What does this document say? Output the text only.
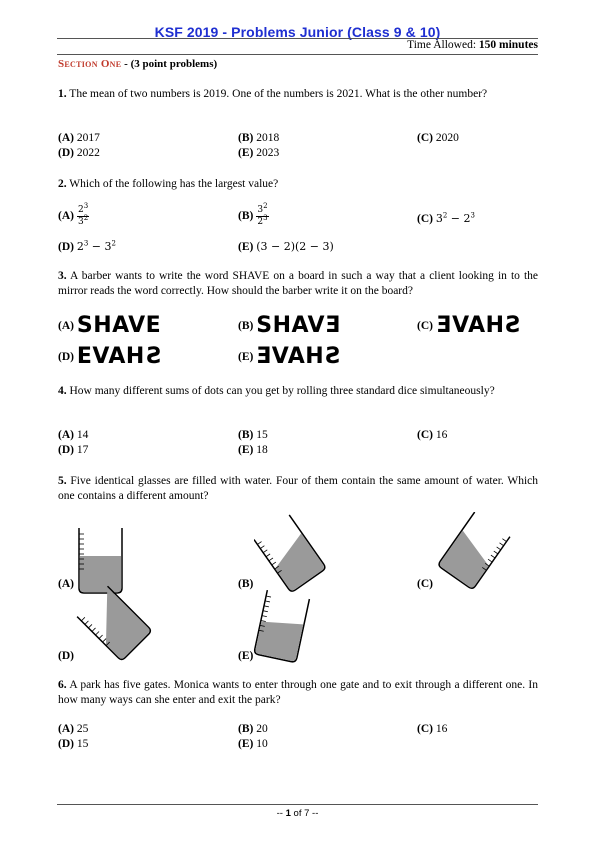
KSF 2019 - Problems Junior (Class 9 & 10)
Time Allowed: 150 minutes
Section One - (3 point problems)
1. The mean of two numbers is 2019. One of the numbers is 2021. What is the other number?
(A) 2017	(B) 2018	(C) 2020
(D) 2022	(E) 2023
2. Which of the following has the largest value?
$(A) \frac{2^3}{3^2}$	$(B) \frac{3^2}{2^3}$	(C) $3^2 - 2^3$
(D) $2^3 - 3^2$	(E) (3 − 2)(2 − 3)
3. A barber wants to write the word SHAVE on a board in such a way that a client looking in to the mirror reads the word correctly. How should the barber write it on the board?
(A) SHAVE	(B) SHAVE	(C) SHAVE
(D) EVAHS	(E) EVAHS
4. How many different sums of dots can you get by rolling three standard dice simultaneously?
(A) 14	(B) 15	(C) 16
(D) 17	(E) 18
5. Five identical glasses are filled with water. Four of them contain the same amount of water. Which one contains a different amount?
(A)	(B)	(C)
(D)	(E)
6. A park has five gates. Monica wants to enter through one gate and to exit through a different one. In how many ways can she enter and exit the park?
(A) 25	(B) 20	(C) 16
(D) 15	(E) 10
-- 1 of 7 --
